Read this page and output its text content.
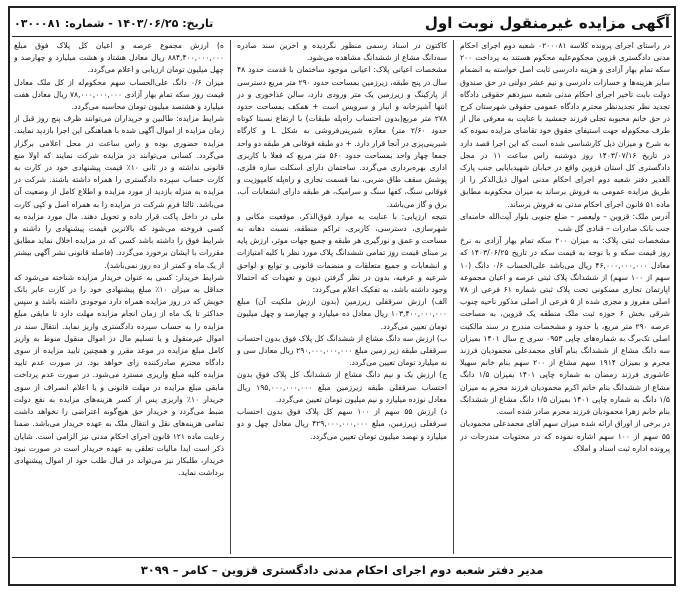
آگهی مزایده غیرمنقول نوبت اول
تاریخ: ۱۴۰۳/۰۶/۲۵ - شماره: ۰۳۰۰۰۸۱

در راستای اجرای پرونده کلاسه ۰۲۰۰۰۸۱ شعبه دوم اجرای احکام مدنی دادگستری قزوین محکوم‌علیه محکوم هستند به پرداخت ۲۰۰ سکه تمام بهار آزادی و هزینه دادرسی ثابت اصل خواسته به انضمام سایر هزینه‌ها و خسارات دادرسی و نیم عشر دولتی در حق صندوق دولت بابت تاخیر اجرای احکام مدنی شعبه سیزدهم حقوقی دادگاه تجدید نظر تجدیدنظر محترم دادگاه عمومی حقوقی شهرستان کرج در حق خانم محبوبه تجلی فرزند جمشید با عنایت به معرفی مال از طرف محکوم‌له جهت استیفای حقوق خود تقاضای مزایده نموده که به شرح و میزان ذیل کارشناسی شده است که این اجرا قصد دارد در تاریخ ۱۴۰۳/۰۷/۱۶ روز دوشنبه راس ساعت ۱۱ در محل دادگستری کل استان قزوین واقع در خیابان شهیدبابایی جنب پارک الغدیر دفتر شعبه دوم اجرای احکام مدنی اموال ذیل‌الذکر را از طریق مزایده عمومی به فروش برساند به میزان محکوم‌به مطابق ماده ۵۱ قانون اجرای احکام مدنی به فروش برساند.

آدرس ملک: قزوین – ولیعصر – ضلع جنوبی بلوار آیت‌الله خامنه‌ای جنب بانک صادرات – قنادی گل شب

مشخصات ثبتی پلاک: به میزان ۲۰۰ سکه تمام بهار آزادی به نرخ روز قیمت سکه و با توجه به قیمت سکه در تاریخ ۱۴۰۳/۰۶/۲۵ که معادل ۴۶,۰۰۰,۰۰۰,۰۰۰ ریال می‌باشد علی‌الحساب ۰/۶ دانگ (۱۰ سهم از ۱۰۰ سهم) از ششدانگ پلاک ثبتی عرصه و اعیان مجموعه اپارتمان تجاری مسکونی تحت پلاک ثبتی شماره ۶۱ فرعی از ۷۸ اصلی مفروز و مجزی شده از ۵ فرعی از اصلی مذکور ناحیه چنوب شرقی بخش ۶ حوزه ثبت ملک منطقه یک قزوین، به مساحت عرصه ۲۹۰ متر مربع، با حدود و مشخصات مندرج در سند مالکیت اصلی تک‌برگ به شماره‌های چاپی ۰۹۵۳ سری ج سال ۱۴۰۱ بمیزان سه دانگ مشاع از ششدانگ بنام آقای محمدعلی محمودیان فرزند محرم و بمیزان ۱۹۱۴ سهم مشاع از ۲۰۰ سهم بنام خانم سهیلا عاشوری فرزند رمضان به شماره چاپی ۱۴۰۱ بمیزان ۱/۵ دانگ مشاع از ششدانگ بنام خانم اکرم محمودیان فرزند محرم به میزان ۱/۵ دانگ به شماره چاپی ۱۴۰۱ بمیزان ۱/۵ دانگ مشاع از ششدانگ بنام خانم زهرا محمودیان فرزند محرم صادر شده است.

در برخی از اوراق ارائه شده میزان سهم آقای محمدعلی محمودیان ۵۵ سهم از ۱۰۰ سهم اشاره نموده که در محتویات مندرجات در پرونده اداره ثبت اسناد و املاک

کاکتون در اسناد رسمی منظور نگردیده و اخرین سند صادره سه‌دانگ مشاع از ششدانگ مشاهده می‌شود.

مشخصات اعیانی پلاک: اعیانی موجود ساختمان با قدمت حدود ۴۸ سال در پنج طبقه، زیرزمین بمساحت حدود ۲۹۰ متر مربع دسترسی از پارکینگ و زیرزمین یک متر ورودی دارد، سالن غذاخوری و در انتها آشپزخانه و انبار و سرویس است + همکف بمساحت حدود ۲۷۸ متر مربع(بدون احتساب راه‌پله طبقات) با ارتفاع نسبتا کوتاه حدود ۲/۶۰ متر) مغازه شیرینی‌فروشی به شکل L و کارگاه شیرینی‌پزی در آنجا قرار دارد. + دو طبقه فوقانی هر طبقه دو واحد جمعا چهار واحد بمساحت حدود ۵۶۰ متر مربع که فعلا با کاربری اداری بهره‌برداری می‌گردد. ساختمان دارای اسکلت سازه فلزی، پوشش سقف طاق ضربی، نما قسمت تجاری و راه‌پله کامپوزیت و فوقانی سنگ، کفها سنگ و سرامیک، هر طبقه دارای انشعابات آب، برق و گاز می‌باشد.

نتیجه ارزیابی: با عنایت به موارد فوق‌الذکر، موقعیت مکانی و شهرسازی، دسترسی، کاربری، تراکم منطقه، نسبت دهانه به مساحت و عمق و نورگیری هر طبقه و جمیع جهات موثر، ارزش پایه بر مبنای قیمت روز تمامی ششدانگ پلاک مورد نظر با کلیه امتیازات و انشعابات و جمیع متعلقات و منضمات قانونی و توابع و لواحق شرعیه و عرفیه، بدون در نظر گرفتن دیون و تعهدات که احتمالا وجود داشته باشد، به تفکیک اعلام می‌گردد:

الف) ارزش سرقفلی زیرزمین (بدون ارزش ملکیت آن) مبلغ ۱۰۳,۴۰۰,۰۰۰,۰۰۰ ریال معادل ده میلیارد و چهارصد و چهل میلیون تومان تعیین می‌گردد.

ب) ارزش سه دانگ مشاع از ششدانگ کل پلاک فوق بدون احتساب سرقفلی طبقه زیر زمین مبلغ ۲۹۰,۰۰۰,۰۰۰,۰۰۰ ریال معادل سی و نه میلیارد تومان تعیین می‌گردد.

ج) ارزش یک و نیم دانگ مشاع از ششدانگ کل پلاک فوق بدون احتساب سرقفلی طبقه زیرزمین مبلغ ۱۹۵,۰۰۰,۰۰۰,۰۰۰ ریال معادل نوزده میلیارد و نیم میلیون تومان تعیین می‌گردد.

د) ارزش ۵۵ سهم از ۱۰۰ سهم کل پلاک فوق بدون احتساب سرقفلی زیرزمین، مبلغ ۴۲۹,۰۰۰,۰۰۰,۰۰۰ ریال معادل چهل و دو میلیارد و نهصد میلیون تومان تعیین می‌گردد.

ه) ارزش مجموع عرصه و اعیان کل پلاک فوق مبلغ ۸۸۴,۴۰۰,۰۰۰,۰۰۰ ریال معادل هشتاد و هشت میلیارد و چهارصد و چهل میلیون تومان ارزیابی و اعلام می‌گردد.

میزان ۰/۶ دانگ علی‌الحساب سهم محکوم‌له از کل ملک معادل قیمت روز سکه تمام بهار آزادی ۷۸,۰۰۰,۰۰۰,۰۰۰ ریال معادل هفت میلیارد و هشتصد میلیون تومان محاسبه می‌گردد.

شرایط مزایده: طالبین و خریداران می‌توانند ظرف پنج روز قبل از زمان مزایده از اموال آگهی شده با هماهنگی این اجرا بازدید نمایند. مزایده حضوری بوده و راس ساعت در محل اعلامی برگزار می‌گردد. کسانی می‌توانند در مزایده شرکت نمایند که اولا منع قانونی نداشته و در ثانی ۱۰٪ قیمت پیشنهادی خود در کارت به کارت حساب سپرده دادگستری را همراه داشته باشند. شرکت در مزایده به منزله بازدید از مورد مزایده و اطلاع کامل از وضعیت آن می‌باشد. ثالثا فرم شرکت در مزایده را به همراه اصل و کپی کارت ملی در داخل پاکت قرار داده و تحویل دهند. مال مورد مزایده به کسی فروخته می‌شود که بالاترین قیمت پیشنهادی را داشته و شرایط فوق را داشته باشد کسی که در مزایده اخلال نماید مطابق مقررات با ایشان برخورد می‌گردد. (فاصله قانونی نشر آگهی بیشتر از یک ماه و کمتر از ده روز نمی‌باشد).

شرایط خریدار: کسی به عنوان خریدار مزایده شناخته می‌شود که حداقل به میزان ۱۰٪ مبلغ پیشنهادی خود را در کارت عابر بانک خویش که در روز مزایده همراه دارد موجودی داشته باشد و سپس حداکثر تا یک ماه از زمان انجام مزایده مهلت دارد تا مابقی مبلغ مزایده را به حساب سپرده دادگستری واریز نماید. انتقال سند در اموال غیرمنقول و یا تسلیم مال در اموال منقول منوط به واریز کامل مبلغ مزایده در موعد مقرر و همچنین تایید مزایده از سوی دادگاه محترم صادرکننده رای خواهد بود. در صورت عدم تایید مزایده کلیه مبلغ واریزی مسترد می‌شود. در صورت عدم پرداخت مابقی مبلغ مزایده در مهلت قانونی و یا اعلام انصراف از سوی خریدار ۱۰٪ واریزی پس از کسر هزینه‌های مزایده به نفع دولت ضبط می‌گردد و خریدار حق هیچ‌گونه اعتراضی را نخواهد داشت تمامی هزینه‌های نقل و انتقال ملک به عهده خریدار می‌باشد. ضمنا رعایت ماده ۱۲۱ قانون اجرای احکام مدنی نیز الزامی است. شایان ذکر است ایدا مالیات تعلقی به عهده خریدار است در صورت نبود خریدار، طلبکار نیز می‌تواند در قبال طلب خود از اموال پیشنهادی برداشت نماید.

مدیر دفتر شعبه دوم اجرای احکام مدنی دادگستری قزوین – کامر – ۳۰۹۹
